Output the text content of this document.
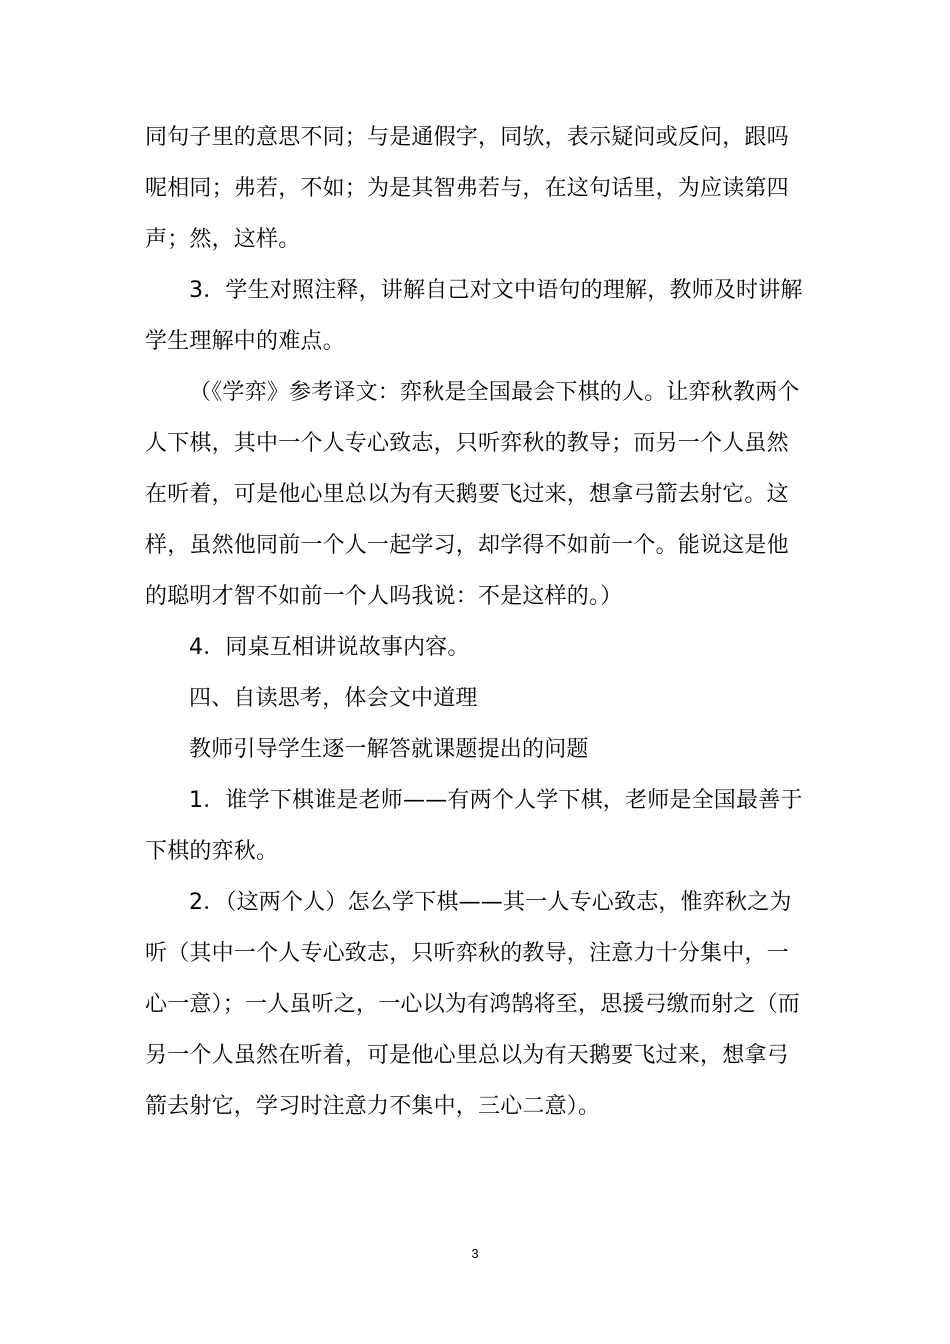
同句子里的意思不同；与是通假字，同欤，表示疑问或反问，跟吗呢相同；弗若，不如；为是其智弗若与，在这句话里，为应读第四声；然，这样。

3．学生对照注释，讲解自己对文中语句的理解，教师及时讲解学生理解中的难点。

（《学弈》参考译文：弈秋是全国最会下棋的人。让弈秋教两个人下棋，其中一个人专心致志，只听弈秋的教导；而另一个人虽然在听着，可是他心里总以为有天鹅要飞过来，想拿弓箭去射它。这样，虽然他同前一个人一起学习，却学得不如前一个。能说这是他的聪明才智不如前一个人吗我说：不是这样的。）

4．同桌互相讲说故事内容。

四、自读思考，体会文中道理

教师引导学生逐一解答就课题提出的问题

1．谁学下棋谁是老师——有两个人学下棋，老师是全国最善于下棋的弈秋。

2．（这两个人）怎么学下棋——其一人专心致志，惟弈秋之为听（其中一个人专心致志，只听弈秋的教导，注意力十分集中，一心一意）；一人虽听之，一心以为有鸿鹄将至，思援弓缴而射之（而另一个人虽然在听着，可是他心里总以为有天鹅要飞过来，想拿弓箭去射它，学习时注意力不集中，三心二意）。

3
